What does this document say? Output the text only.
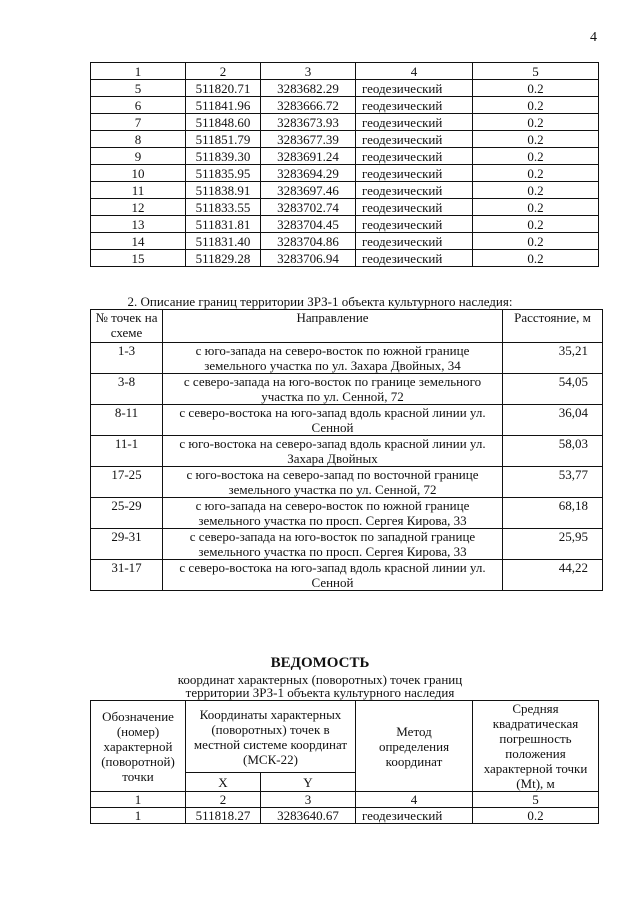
4
1	2	3	4	5
5	511820.71	3283682.29	геодезический	0.2
6	511841.96	3283666.72	геодезический	0.2
7	511848.60	3283673.93	геодезический	0.2
8	511851.79	3283677.39	геодезический	0.2
9	511839.30	3283691.24	геодезический	0.2
10	511835.95	3283694.29	геодезический	0.2
11	511838.91	3283697.46	геодезический	0.2
12	511833.55	3283702.74	геодезический	0.2
13	511831.81	3283704.45	геодезический	0.2
14	511831.40	3283704.86	геодезический	0.2
15	511829.28	3283706.94	геодезический	0.2
2. Описание границ территории ЗРЗ-1 объекта культурного наследия:
№ точек на схеме	Направление	Расстояние, м
1-3	с юго-запада на северо-восток по южной границе земельного участка по ул. Захара Двойных, 34	35,21
3-8	с северо-запада на юго-восток по границе земельного участка по ул. Сенной, 72	54,05
8-11	с северо-востока на юго-запад вдоль красной линии ул. Сенной	36,04
11-1	с юго-востока на северо-запад вдоль красной линии ул. Захара Двойных	58,03
17-25	с юго-востока на северо-запад по восточной границе земельного участка по ул. Сенной, 72	53,77
25-29	с юго-запада на северо-восток по южной границе земельного участка по просп. Сергея Кирова, 33	68,18
29-31	с северо-запада на юго-восток по западной границе земельного участка по просп. Сергея Кирова, 33	25,95
31-17	с северо-востока на юго-запад вдоль красной линии ул. Сенной	44,22
ВЕДОМОСТЬ
координат характерных (поворотных) точек границ
территории ЗРЗ-1 объекта культурного наследия
Обозначение (номер) характерной (поворотной) точки	Координаты характерных (поворотных) точек в местной системе координат (МСК-22)		Метод определения координат	Средняя квадратическая погрешность положения характерной точки (Mt), м
	X	Y		
1	2	3	4	5
1	511818.27	3283640.67	геодезический	0.2
